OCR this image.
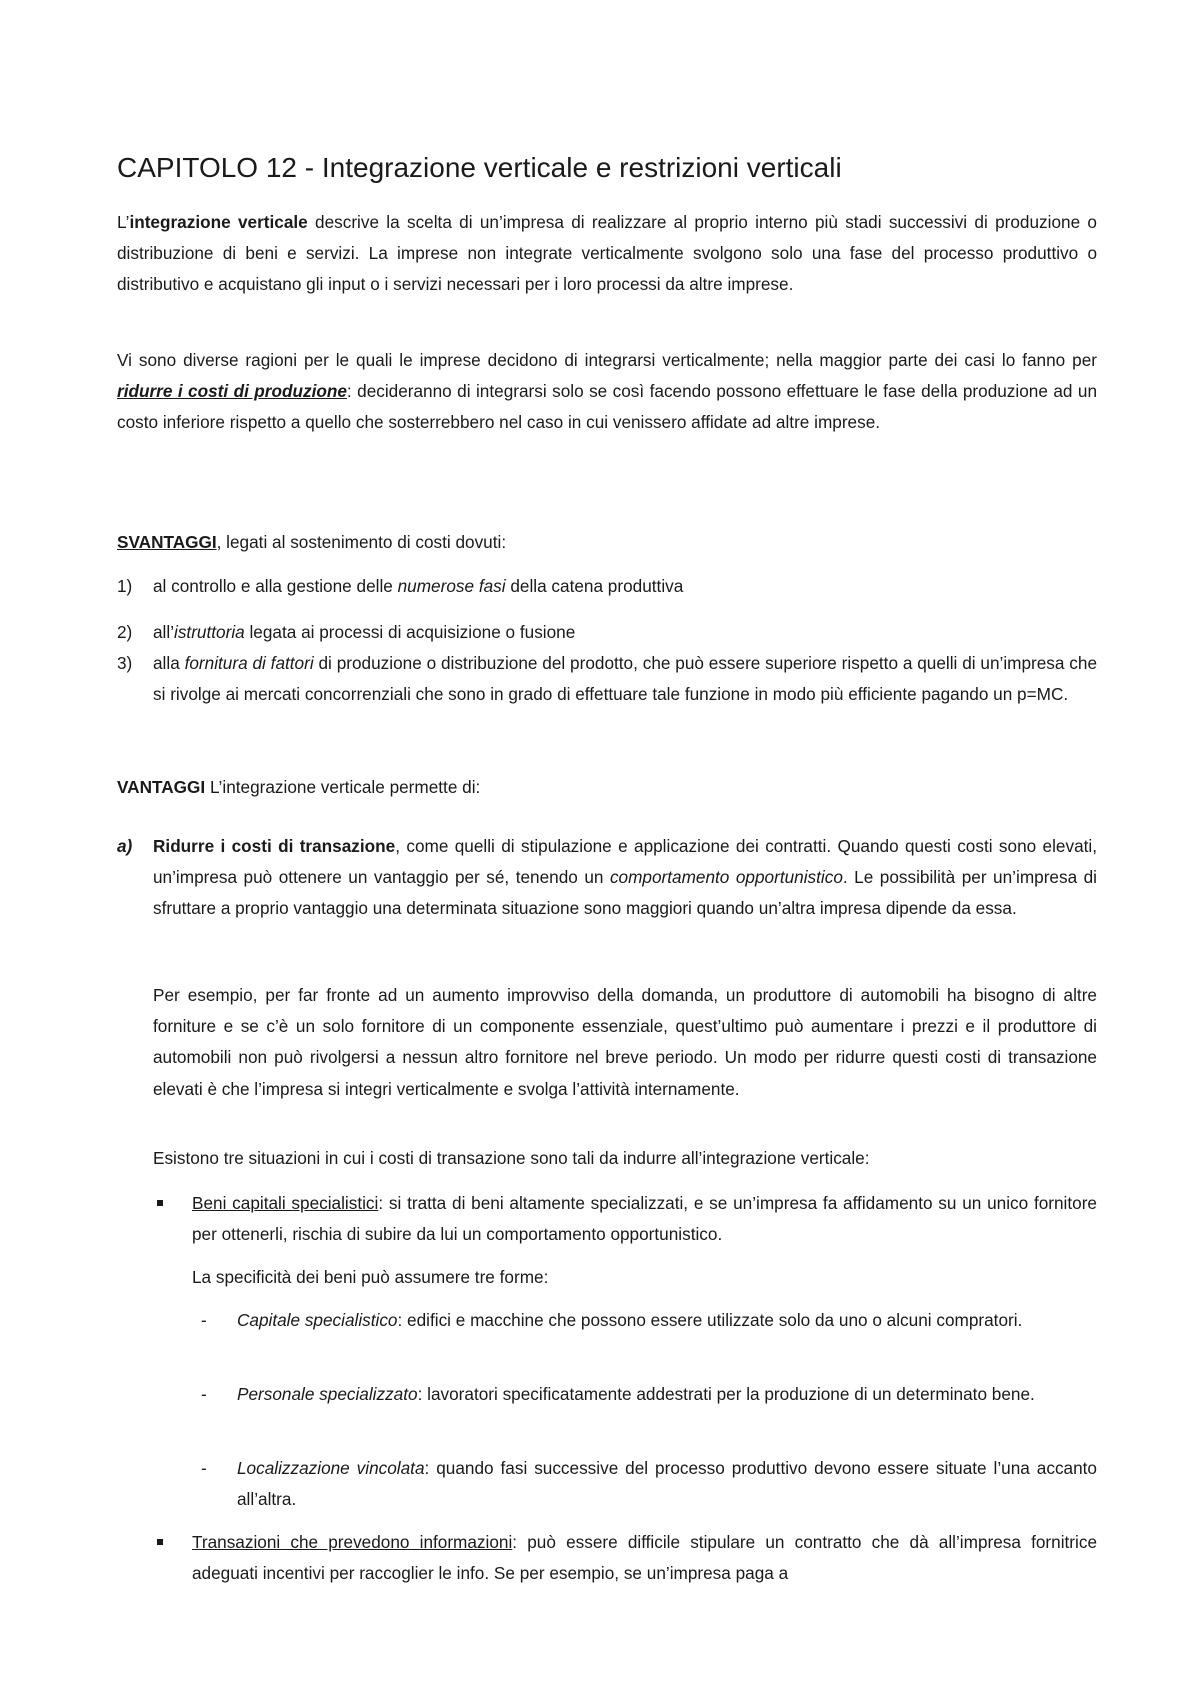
CAPITOLO 12 - Integrazione verticale e restrizioni verticali

L’integrazione verticale descrive la scelta di un’impresa di realizzare al proprio interno più stadi successivi di produzione o distribuzione di beni e servizi. La imprese non integrate verticalmente svolgono solo una fase del processo produttivo o distributivo e acquistano gli input o i servizi necessari per i loro processi da altre imprese.

Vi sono diverse ragioni per le quali le imprese decidono di integrarsi verticalmente; nella maggior parte dei casi lo fanno per ridurre i costi di produzione: decideranno di integrarsi solo se così facendo possono effettuare le fase della produzione ad un costo inferiore rispetto a quello che sosterrebbero nel caso in cui venissero affidate ad altre imprese.

SVANTAGGI, legati al sostenimento di costi dovuti:

1) al controllo e alla gestione delle numerose fasi della catena produttiva

2) all’istruttoria legata ai processi di acquisizione o fusione

3) alla fornitura di fattori di produzione o distribuzione del prodotto, che può essere superiore rispetto a quelli di un’impresa che si rivolge ai mercati concorrenziali che sono in grado di effettuare tale funzione in modo più efficiente pagando un p=MC.

VANTAGGI L’integrazione verticale permette di:

a) Ridurre i costi di transazione, come quelli di stipulazione e applicazione dei contratti. Quando questi costi sono elevati, un’impresa può ottenere un vantaggio per sé, tenendo un comportamento opportunistico. Le possibilità per un’impresa di sfruttare a proprio vantaggio una determinata situazione sono maggiori quando un’altra impresa dipende da essa.

Per esempio, per far fronte ad un aumento improvviso della domanda, un produttore di automobili ha bisogno di altre forniture e se c’è un solo fornitore di un componente essenziale, quest’ultimo può aumentare i prezzi e il produttore di automobili non può rivolgersi a nessun altro fornitore nel breve periodo. Un modo per ridurre questi costi di transazione elevati è che l’impresa si integri verticalmente e svolga l’attività internamente.

Esistono tre situazioni in cui i costi di transazione sono tali da indurre all’integrazione verticale:

Beni capitali specialistici: si tratta di beni altamente specializzati, e se un’impresa fa affidamento su un unico fornitore per ottenerli, rischia di subire da lui un comportamento opportunistico.

La specificità dei beni può assumere tre forme:

- Capitale specialistico: edifici e macchine che possono essere utilizzate solo da uno o alcuni compratori.

- Personale specializzato: lavoratori specificatamente addestrati per la produzione di un determinato bene.

- Localizzazione vincolata: quando fasi successive del processo produttivo devono essere situate l’una accanto all’altra.

Transazioni che prevedono informazioni: può essere difficile stipulare un contratto che dà all’impresa fornitrice adeguati incentivi per raccoglier le info. Se per esempio, se un’impresa paga a
